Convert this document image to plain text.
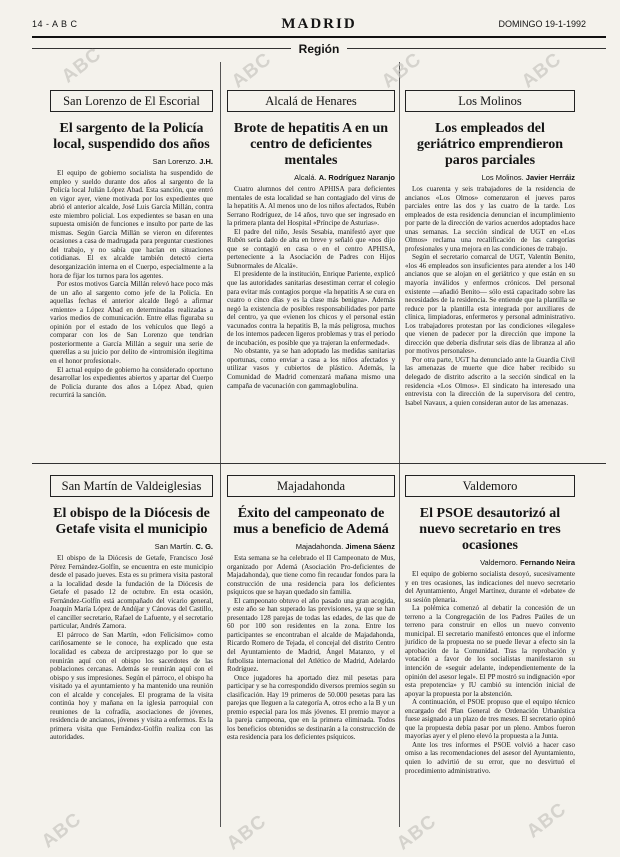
14 - A B C	MADRID	DOMINGO 19-1-1992
Región
San Lorenzo de El Escorial
El sargento de la Policía local, suspendido dos años
San Lorenzo. J.H.

El equipo de gobierno socialista ha suspendido de empleo y sueldo durante dos años al sargento de la Policía local Julián López Abad. Esta sanción, que entró en vigor ayer, viene motivada por los expedientes que abrió el anterior alcalde, José Luis García Millán, contra este miembro policial. Los expedientes se basan en una supuesta omisión de funciones e insulto por parte de las mismas. Según García Millán se vieron en diferentes ocasiones a casa de madrugada para preguntar cuestiones del trabajo, y no sabía que hacían en situaciones cotidianas. El ex alcalde también detectó cierta desorganización interna en el Cuerpo, especialmente a la hora de fijar los turnos para los agentes.

Por estos motivos García Millán relevó hace poco más de un año al sargento como jefe de la Policía. En aquellas fechas el anterior alcalde llegó a afirmar «miente» a López Abad en determinadas realizadas a varios medios de comunicación. Entre ellas figuraba su opinión por el estado de los vehículos que llegó a comparar con los de San Lorenzo que tendrían posteriormente a García Millán a seguir una serie de querellas a su juicio por delito de «intromisión ilegítima en el honor profesional».

El actual equipo de gobierno ha considerado oportuno desarrollar los expedientes abiertos y apartar del Cuerpo de Policía durante dos años a López Abad, quien recurrirá la sanción.

Alcalá de Henares
Brote de hepatitis A en un centro de deficientes mentales
Alcalá. A. Rodríguez Naranjo

Cuatro alumnos del centro APHISA para deficientes mentales de esta localidad se han contagiado del virus de la hepatitis A. Al menos uno de los niños afectados, Rubén Serrano Rodríguez, de 14 años, tuvo que ser ingresado en la primera planta del Hospital «Príncipe de Asturias».

El padre del niño, Jesús Sesabia, manifestó ayer que Rubén sería dado de alta en breve y señaló que «nos dijo que se contagió en casa o en el centro APHISA, perteneciente a la Asociación de Padres con Hijos Subnormales de Alcalá».

El presidente de la institución, Enrique Pariente, explicó que las autoridades sanitarias desestiman cerrar el colegio para evitar más contagios porque «la hepatitis A se cura en cuatro o cinco días y es la clase más benigna». Además negó la existencia de posibles responsabilidades por parte del centro, ya que «vienen los chicos y el personal están vacunados contra la hepatitis B, la más peligrosa, muchos de los internos padecen ligeros problemas y tras el periodo de incubación, es posible que ya trajeran la enfermedad».

No obstante, ya se han adoptado las medidas sanitarias oportunas, como enviar a casa a los niños afectados y utilizar vasos y cubiertos de plástico. Además, la Comunidad de Madrid comenzará mañana mismo una campaña de vacunación con gammaglobulina.

Los Molinos
Los empleados del geriátrico emprendieron paros parciales
Los Molinos. Javier Herráiz

Los cuarenta y seis trabajadores de la residencia de ancianos «Los Olmos» comenzaron el jueves paros parciales entre las dos y las cuatro de la tarde. Los empleados de esta residencia denuncian el incumplimiento por parte de la dirección de varios acuerdos adoptados hace unas semanas. La sección sindical de UGT en «Los Olmos» reclama una recalificación de las categorías profesionales y una mejora en las condiciones de trabajo.

Según el secretario comarcal de UGT, Valentín Benito, «los 46 empleados son insuficientes para atender a los 140 ancianos que se alojan en el geriátrico y que están en su mayoría inválidos y enfermos crónicos. Del personal existente —añadió Benito— sólo está capacitado sobre las necesidades de la residencia. Se entiende que la plantilla se reduce por la plantilla esta integrada por auxiliares de clínica, limpiadoras, enfermeros y personal administrativo. Los trabajadores protestan por las condiciones «ilegales» que vienen de padecer por la dirección que impone la dirección que debería disfrutar seis días de libranza al año por motivos personales».

Por otra parte, UGT ha denunciado ante la Guardia Civil las amenazas de muerte que dice haber recibido su delegado de distrito adscrito a la sección sindical en la residencia «Los Olmos». El sindicato ha interesado una entrevista con la dirección de la supervisora del centro, Isabel Navaux, a quien consideran autor de las amenazas.

San Martín de Valdeiglesias
El obispo de la Diócesis de Getafe visita el municipio
San Martín. C. G.

El obispo de la Diócesis de Getafe, Francisco José Pérez Fernández-Golfín, se encuentra en este municipio desde el pasado jueves. Esta es su primera visita pastoral a la localidad desde la fundación de la Diócesis de Getafe el pasado 12 de octubre. En esta ocasión, Fernández-Golfín está acompañado del vicario general, Joaquín María López de Andújar y Cánovas del Castillo, el canciller secretario, Rafael de Lafuente, y el secretario particular, Andrés Zamora.

El párroco de San Martín, «don Felicísimo» como cariñosamente se le conoce, ha explicado que esta localidad es cabeza de arciprestazgo por lo que se reunirán aquí con el obispo los sacerdotes de las poblaciones cercanas. Además se reunirán aquí con el obispo y sus impresiones. Según el párroco, el obispo ha visitado ya el ayuntamiento y ha mantenido una reunión con el alcalde y concejales. El programa de la visita continúa hoy y mañana en la iglesia parroquial con reuniones de la cofradía, asociaciones de jóvenes, residencia de ancianos, jóvenes y visita a enfermos. Es la primera visita que Fernández-Golfín realiza con las autoridades.

Majadahonda
Éxito del campeonato de mus a beneficio de Ademá
Majadahonda. Jimena Sáenz

Esta semana se ha celebrado el II Campeonato de Mus, organizado por Ademá (Asociación Pro-deficientes de Majadahonda), que tiene como fin recaudar fondos para la construcción de una residencia para los deficientes psíquicos que se hayan quedado sin familia.

El campeonato obtuvo el año pasado una gran acogida, y este año se han superado las previsiones, ya que se han presentado 128 parejas de todas las edades, de las que de 60 por 100 son residentes en la zona. Entre los participantes se encontraban el alcalde de Majadahonda, Ricardo Romero de Tejada, el concejal del distrito Centro del Ayuntamiento de Madrid, Ángel Matanzo, y el futbolista internacional del Atlético de Madrid, Adelardo Rodríguez.

Once jugadores ha aportado diez mil pesetas para participar y se ha correspondido diversos premios según su clasificación. Hay 19 primeros de 50.000 pesetas para las parejas que lleguen a la categoría A, otros echo a la B y un premio especial para los más jóvenes. El premio mayor a la pareja campeona, que en la primera eliminada. Todos los beneficios obtenidos se destinarán a la construcción de esta residencia para los deficientes psíquicos.

Valdemoro
El PSOE desautorizó al nuevo secretario en tres ocasiones
Valdemoro. Fernando Neira

El equipo de gobierno socialista desoyó, sucesivamente y en tres ocasiones, las indicaciones del nuevo secretario del Ayuntamiento, Ángel Martínez, durante el «debate» de su sesión plenaria.

La polémica comenzó al debatir la concesión de un terreno a la Congregación de los Padres Paúles de un terreno para construir en ellos un nuevo convento municipal. El secretario manifestó entonces que el informe jurídico de la propuesta no se puede llevar a efecto sin la aprobación de la Comunidad. Tras la reprobación y votación a favor de los socialistas manifestaron su intención de «seguir adelante, independientemente de la opinión del asesor legal». El PP mostró su indignación «por esta prepotencia» y IU cambió su intención inicial de apoyar la propuesta por la abstención.

A continuación, el PSOE propuso que el equipo técnico encargado del Plan General de Ordenación Urbanística fuese asignado a un plazo de tres meses. El secretario opinó que la propuesta debía pasar por un pleno. Ambos fueron mayorías ayer y el pleno elevó la propuesta a la Junta.

Ante los tres informes el PSOE volvió a hacer caso omiso a las recomendaciones del asesor del Ayuntamiento, quien lo advirtió de su error, que no desvirtuó el procedimiento administrativo.

ABC	ABC	ABC	ABC
ABC	ABC	ABC	ABC
